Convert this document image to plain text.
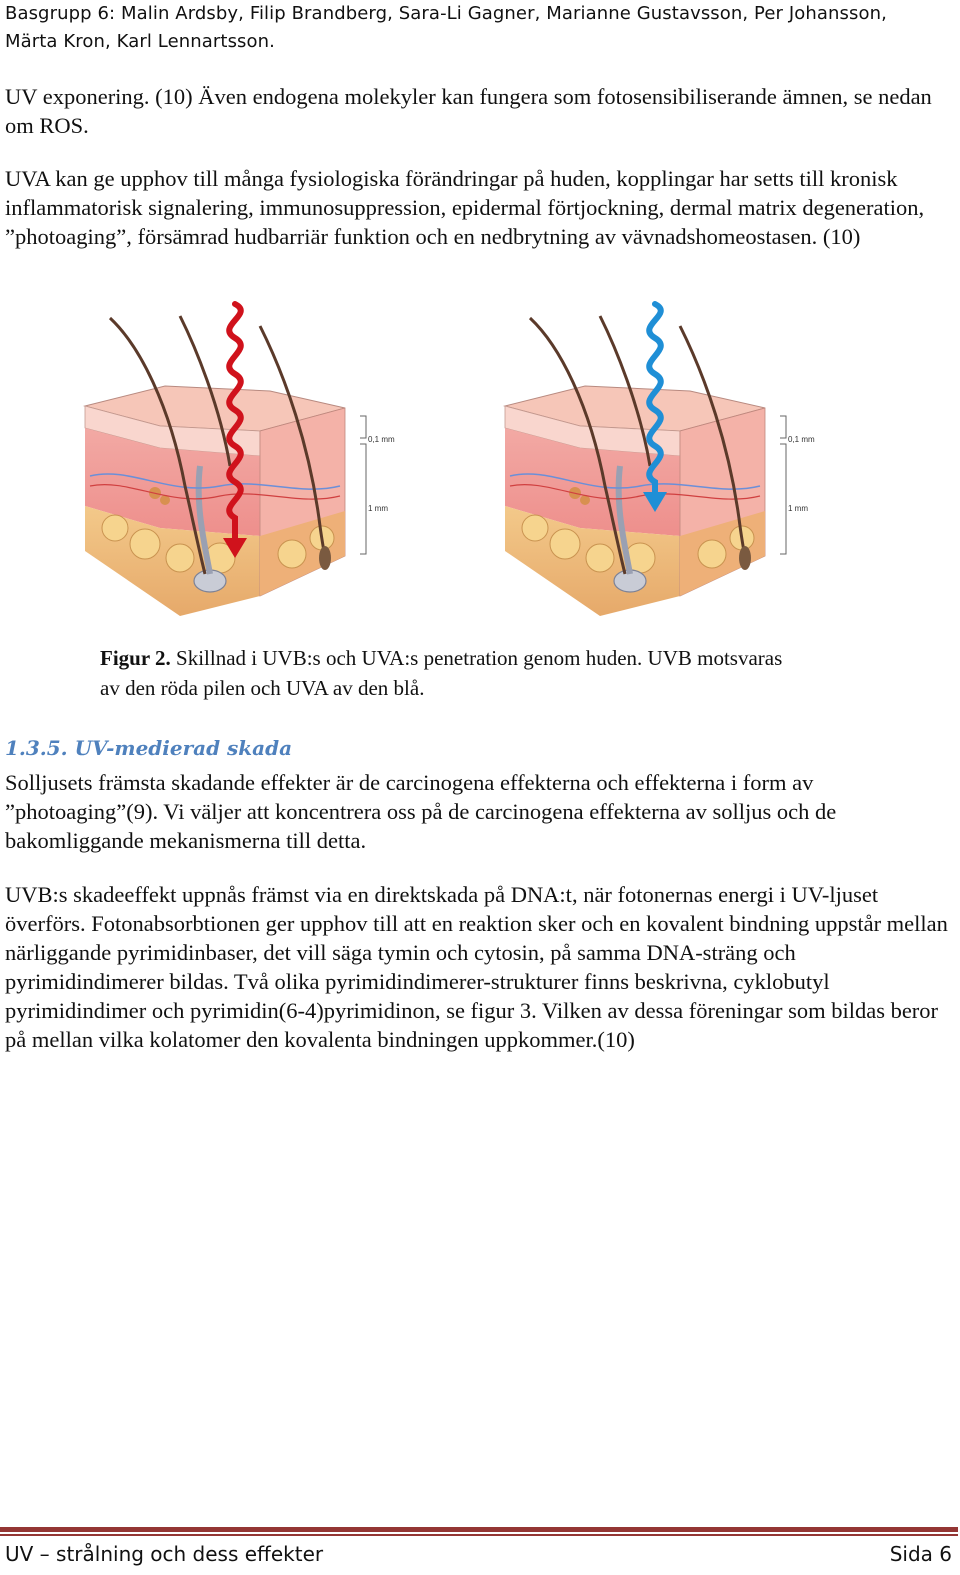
Basgrupp 6: Malin Ardsby, Filip Brandberg, Sara-Li Gagner, Marianne Gustavsson, Per Johansson,
Märta Kron, Karl Lennartsson.

UV exponering. (10) Även endogena molekyler kan fungera som fotosensibiliserande ämnen, se nedan om ROS.

UVA kan ge upphov till många fysiologiska förändringar på huden, kopplingar har setts till kronisk inflammatorisk signalering, immunosuppression, epidermal förtjockning, dermal matrix degeneration, ”photoaging”, försämrad hudbarriär funktion och en nedbrytning av vävnadshomeostasen. (10)

0,1 mm
1 mm
0,1 mm
1 mm
Figur 2. Skillnad i UVB:s och UVA:s penetration genom huden. UVB motsvaras av den röda pilen och UVA av den blå.
1.3.5. UV-medierad skada

Solljusets främsta skadande effekter är de carcinogena effekterna och effekterna i form av ”photoaging”(9). Vi väljer att koncentrera oss på de carcinogena effekterna av solljus och de bakomliggande mekanismerna till detta.

UVB:s skadeeffekt uppnås främst via en direktskada på DNA:t, när fotonernas energi i UV-ljuset överförs. Fotonabsorbtionen ger upphov till att en reaktion sker och en kovalent bindning uppstår mellan närliggande pyrimidinbaser, det vill säga tymin och cytosin, på samma DNA-sträng och pyrimidindimerer bildas. Två olika pyrimidindimerer-strukturer finns beskrivna, cyklobutyl pyrimidindimer och pyrimidin(6-4)pyrimidinon, se figur 3. Vilken av dessa föreningar som bildas beror på mellan vilka kolatomer den kovalenta bindningen uppkommer.(10)

UV – strålning och dess effekter	Sida 6
